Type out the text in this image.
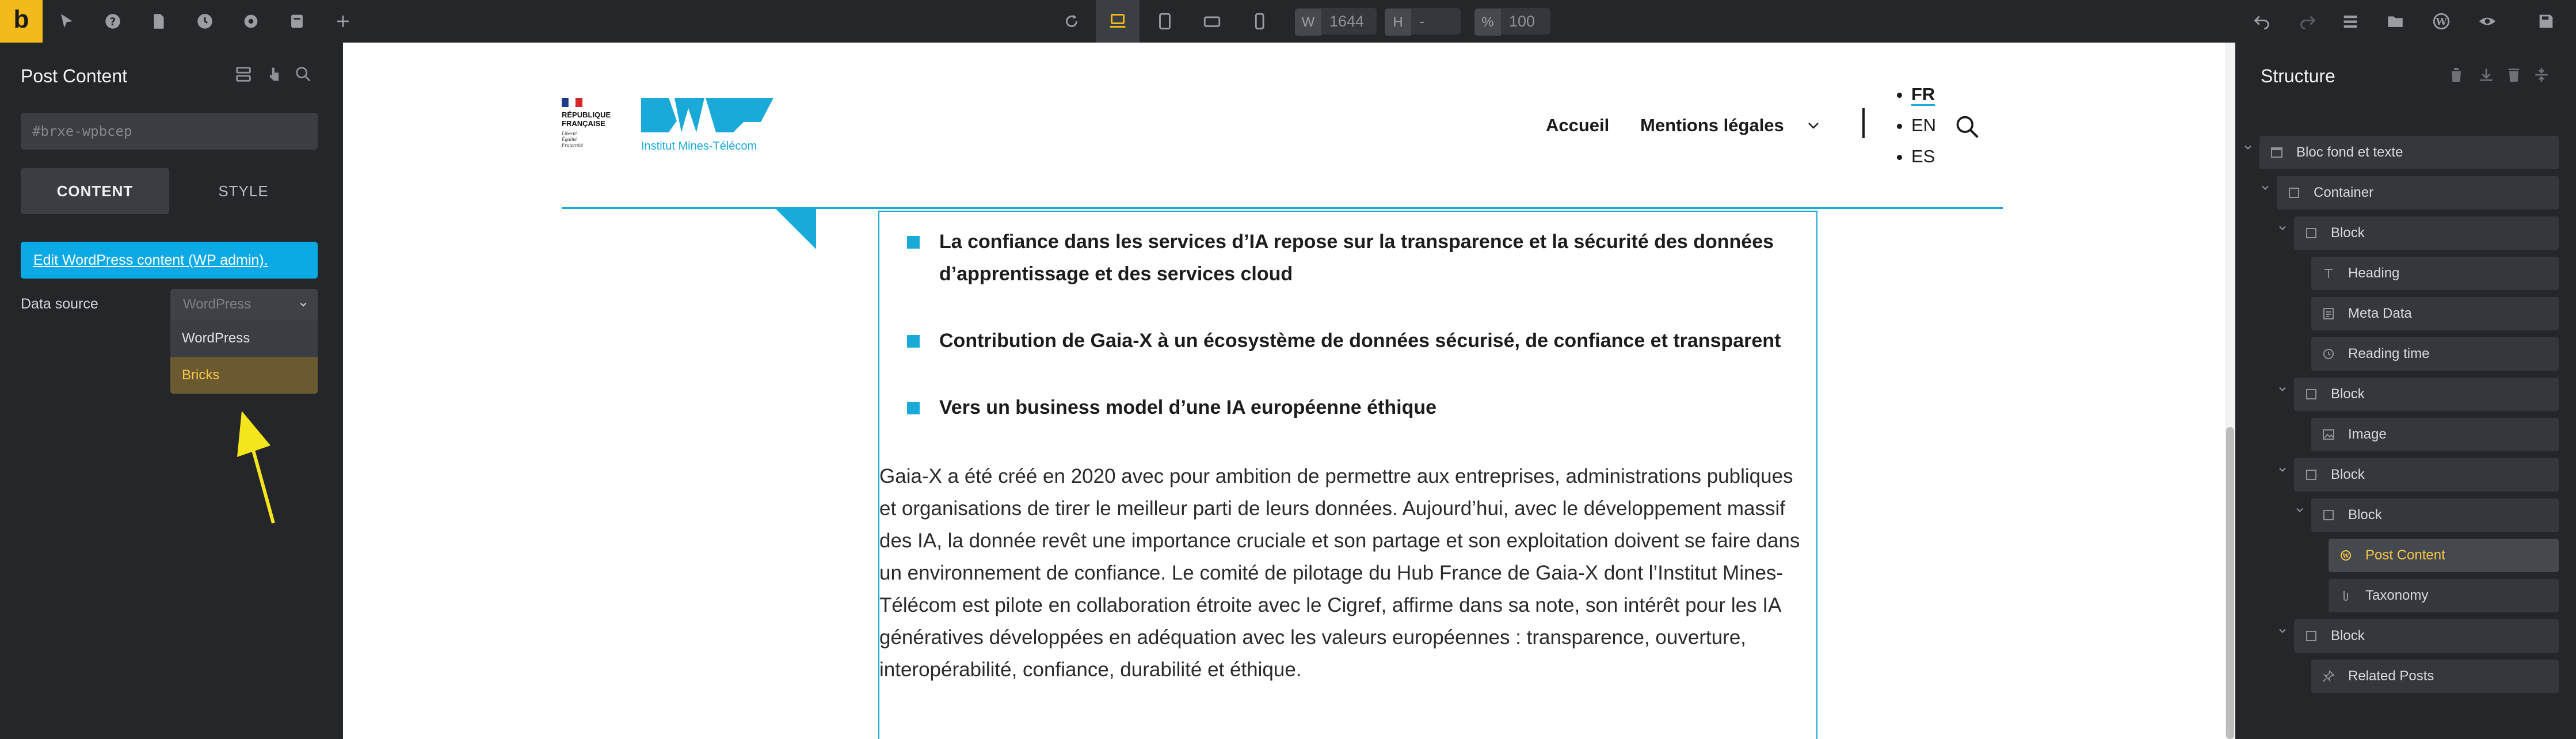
b	?	W 1644	H -	% 100	W
Post Content
#brxe-wpbcep
CONTENT	STYLE
Edit WordPress content (WP admin).
Data source	WordPress
WordPress
Bricks
RÉPUBLIQUE
FRANÇAISE
Liberté
Égalité
Fraternité	Institut Mines-Télécom
Accueil Mentions légales
FR
EN
ES
La confiance dans les services d’IA repose sur la transparence et la sécurité des données d’apprentissage et des services cloud
Contribution de Gaia-X à un écosystème de données sécurisé, de confiance et transparent
Vers un business model d’une IA européenne éthique
Gaia-X a été créé en 2020 avec pour ambition de permettre aux entreprises, administrations publiques et organisations de tirer le meilleur parti de leurs données. Aujourd’hui, avec le développement massif des IA, la donnée revêt une importance cruciale et son partage et son exploitation doivent se faire dans un environnement de confiance. Le comité de pilotage du Hub France de Gaia-X dont l’Institut Mines-Télécom est pilote en collaboration étroite avec le Cigref, affirme dans sa note, son intérêt pour les IA génératives développées en adéquation avec les valeurs européennes : transparence, ouverture, interopérabilité, confiance, durabilité et éthique.
Structure
Bloc fond et texte
Container
Block
Heading
Meta Data
Reading time
Block
Image
Block
Block
W Post Content
Taxonomy
Block
Related Posts
